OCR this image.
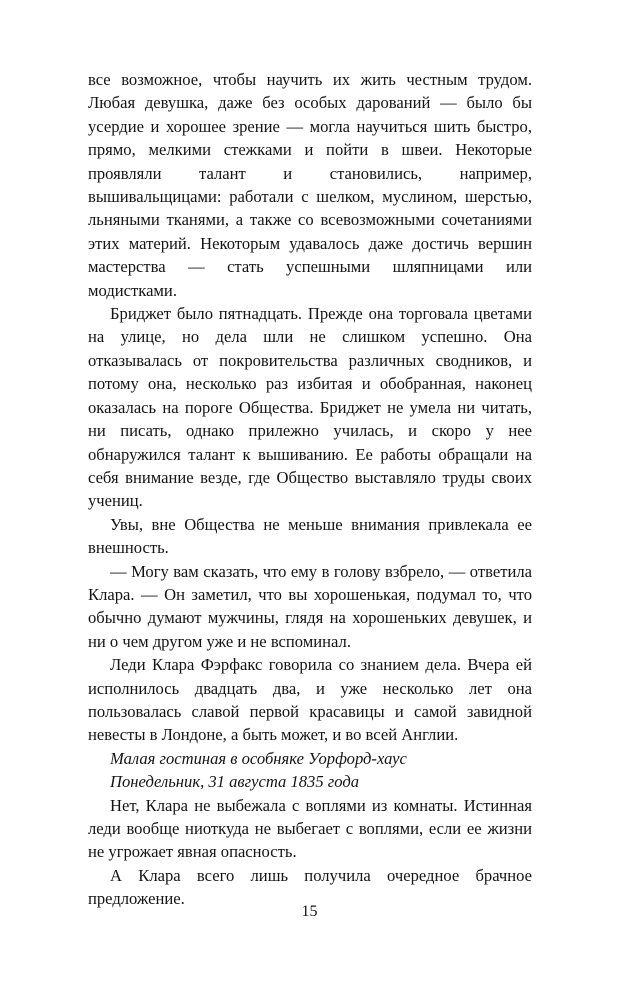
все возможное, чтобы научить их жить честным трудом. Любая девушка, даже без особых дарований — было бы усердие и хорошее зрение — могла научиться шить быстро, прямо, мелкими стежками и пойти в швеи. Некоторые проявляли талант и становились, например, вышивальщицами: работали с шелком, муслином, шерстью, льняными тканями, а также со всевозможными сочетаниями этих материй. Некоторым удавалось даже достичь вершин мастерства — стать успешными шляпницами или модистками.

Бриджет было пятнадцать. Прежде она торговала цветами на улице, но дела шли не слишком успешно. Она отказывалась от покровительства различных сводников, и потому она, несколько раз избитая и обобранная, наконец оказалась на пороге Общества. Бриджет не умела ни читать, ни писать, однако прилежно училась, и скоро у нее обнаружился талант к вышиванию. Ее работы обращали на себя внимание везде, где Общество выставляло труды своих учениц.

Увы, вне Общества не меньше внимания привлекала ее внешность.

— Могу вам сказать, что ему в голову взбрело, — ответила Клара. — Он заметил, что вы хорошенькая, подумал то, что обычно думают мужчины, глядя на хорошеньких девушек, и ни о чем другом уже и не вспоминал.

Леди Клара Фэрфакс говорила со знанием дела. Вчера ей исполнилось двадцать два, и уже несколько лет она пользовалась славой первой красавицы и самой завидной невесты в Лондоне, а быть может, и во всей Англии.

Малая гостиная в особняке Уорфорд-хаус
Понедельник, 31 августа 1835 года

Нет, Клара не выбежала с воплями из комнаты. Истинная леди вообще ниоткуда не выбегает с воплями, если ее жизни не угрожает явная опасность.

А Клара всего лишь получила очередное брачное предложение.

15
